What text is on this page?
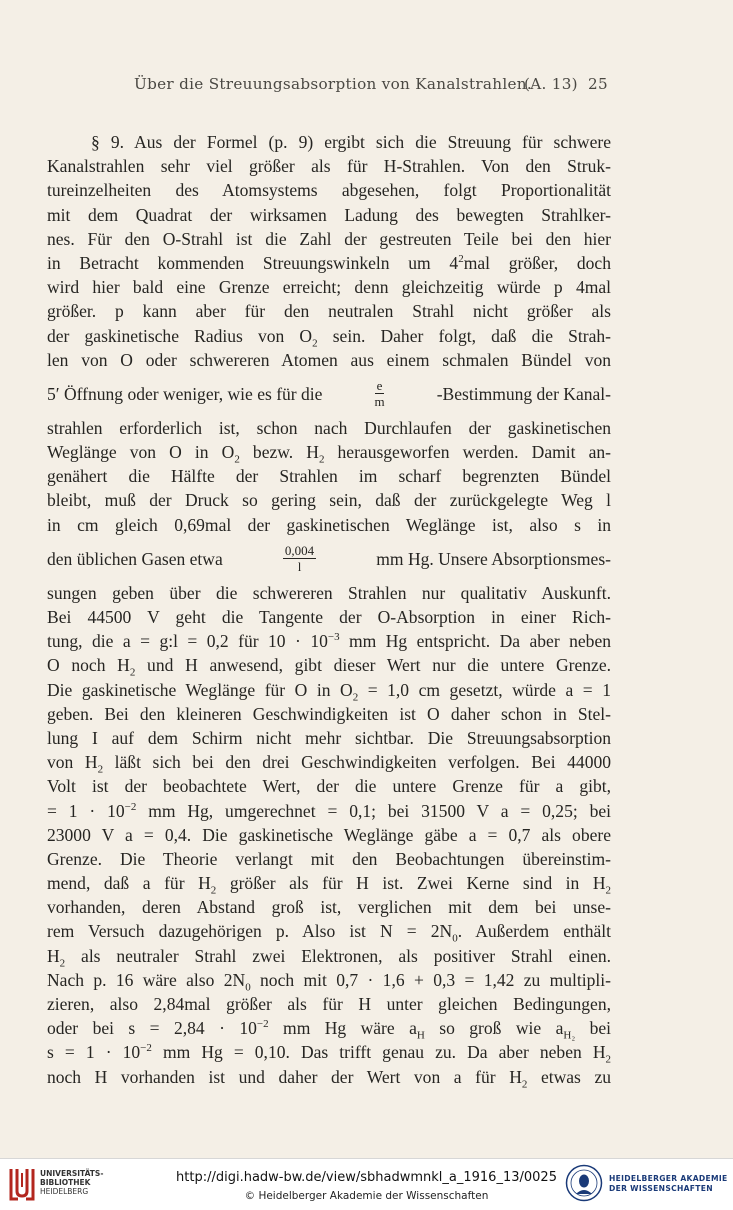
Über die Streuungsabsorption von Kanalstrahlen.
(A. 13) 25
§ 9. Aus der Formel (p. 9) ergibt sich die Streuung für schwere
Kanalstrahlen sehr viel größer als für H-Strahlen. Von den Struk-
tureinzelheiten des Atomsystems abgesehen, folgt Proportionalität
mit dem Quadrat der wirksamen Ladung des bewegten Strahlker-
nes. Für den O-Strahl ist die Zahl der gestreuten Teile bei den hier
in Betracht kommenden Streuungswinkeln um $4^2mal$ größer, doch
wird hier bald eine Grenze erreicht; denn gleichzeitig würde p 4mal
größer. p kann aber für den neutralen Strahl nicht größer als
der gaskinetische Radius von $O_2$ sein. Daher folgt, daß die Strah-
len von O oder schwereren Atomen aus einem schmalen Bündel von
5′ Öffnung oder weniger, wie es für die	$\frac{e}{m}$	-Bestimmung der Kanal-
strahlen erforderlich ist, schon nach Durchlaufen der gaskinetischen
Weglänge von O in $O_2$ bezw. $H_2$ herausgeworfen werden. Damit an-
genähert die Hälfte der Strahlen im scharf begrenzten Bündel
bleibt, muß der Druck so gering sein, daß der zurückgelegte Weg l
in cm gleich 0,69mal der gaskinetischen Weglänge ist, also s in
den üblichen Gasen etwa	$\frac{0,004}{l}$	mm Hg. Unsere Absorptionsmes-
sungen geben über die schwereren Strahlen nur qualitativ Auskunft.
Bei 44500 V geht die Tangente der O-Absorption in einer Rich-
tung, die a = g:l = 0,2 für $10 \cdot 10^{-3}$ mm Hg entspricht. Da aber neben
O noch $H_2$ und H anwesend, gibt dieser Wert nur die untere Grenze.
Die gaskinetische Weglänge für O in $O_2 = 1,0$ cm gesetzt, würde a = 1
geben. Bei den kleineren Geschwindigkeiten ist O daher schon in Stel-
lung I auf dem Schirm nicht mehr sichtbar. Die Streuungsabsorption
von $H_2$ läßt sich bei den drei Geschwindigkeiten verfolgen. Bei 44000
Volt ist der beobachtete Wert, der die untere Grenze für a gibt,
= $1 \cdot 10^{-2}$ mm Hg, umgerechnet = 0,1; bei 31500 V a = 0,25; bei
23000 V a = 0,4. Die gaskinetische Weglänge gäbe a = 0,7 als obere
Grenze. Die Theorie verlangt mit den Beobachtungen übereinstim-
mend, daß a für $H_2$ größer als für H ist. Zwei Kerne sind in $H_2$
vorhanden, deren Abstand groß ist, verglichen mit dem bei unse-
rem Versuch dazugehörigen p. Also ist $N = 2N_0$. Außerdem enthält
$H_2$ als neutraler Strahl zwei Elektronen, als positiver Strahl einen.
Nach p. 16 wäre also $2N_0$ noch mit 0,7 · 1,6 + 0,3 = 1,42 zu multipli-
zieren, also 2,84mal größer als für H unter gleichen Bedingungen,
oder bei $s = 2,84 \cdot 10^{-2}$ mm Hg wäre $a_H$ so groß wie $a_{H_2}$ bei
$s = 1 \cdot 10^{-2}$ mm Hg = 0,10. Das trifft genau zu. Da aber neben $H_2$
noch H vorhanden ist und daher der Wert von a für $H_2$ etwas zu
UNIVERSITÄTS-
BIBLIOTHEK
HEIDELBERG
http://digi.hadw-bw.de/view/sbhadwmnkl_a_1916_13/0025
© Heidelberger Akademie der Wissenschaften
HEIDELBERGER AKADEMIE
DER WISSENSCHAFTEN
